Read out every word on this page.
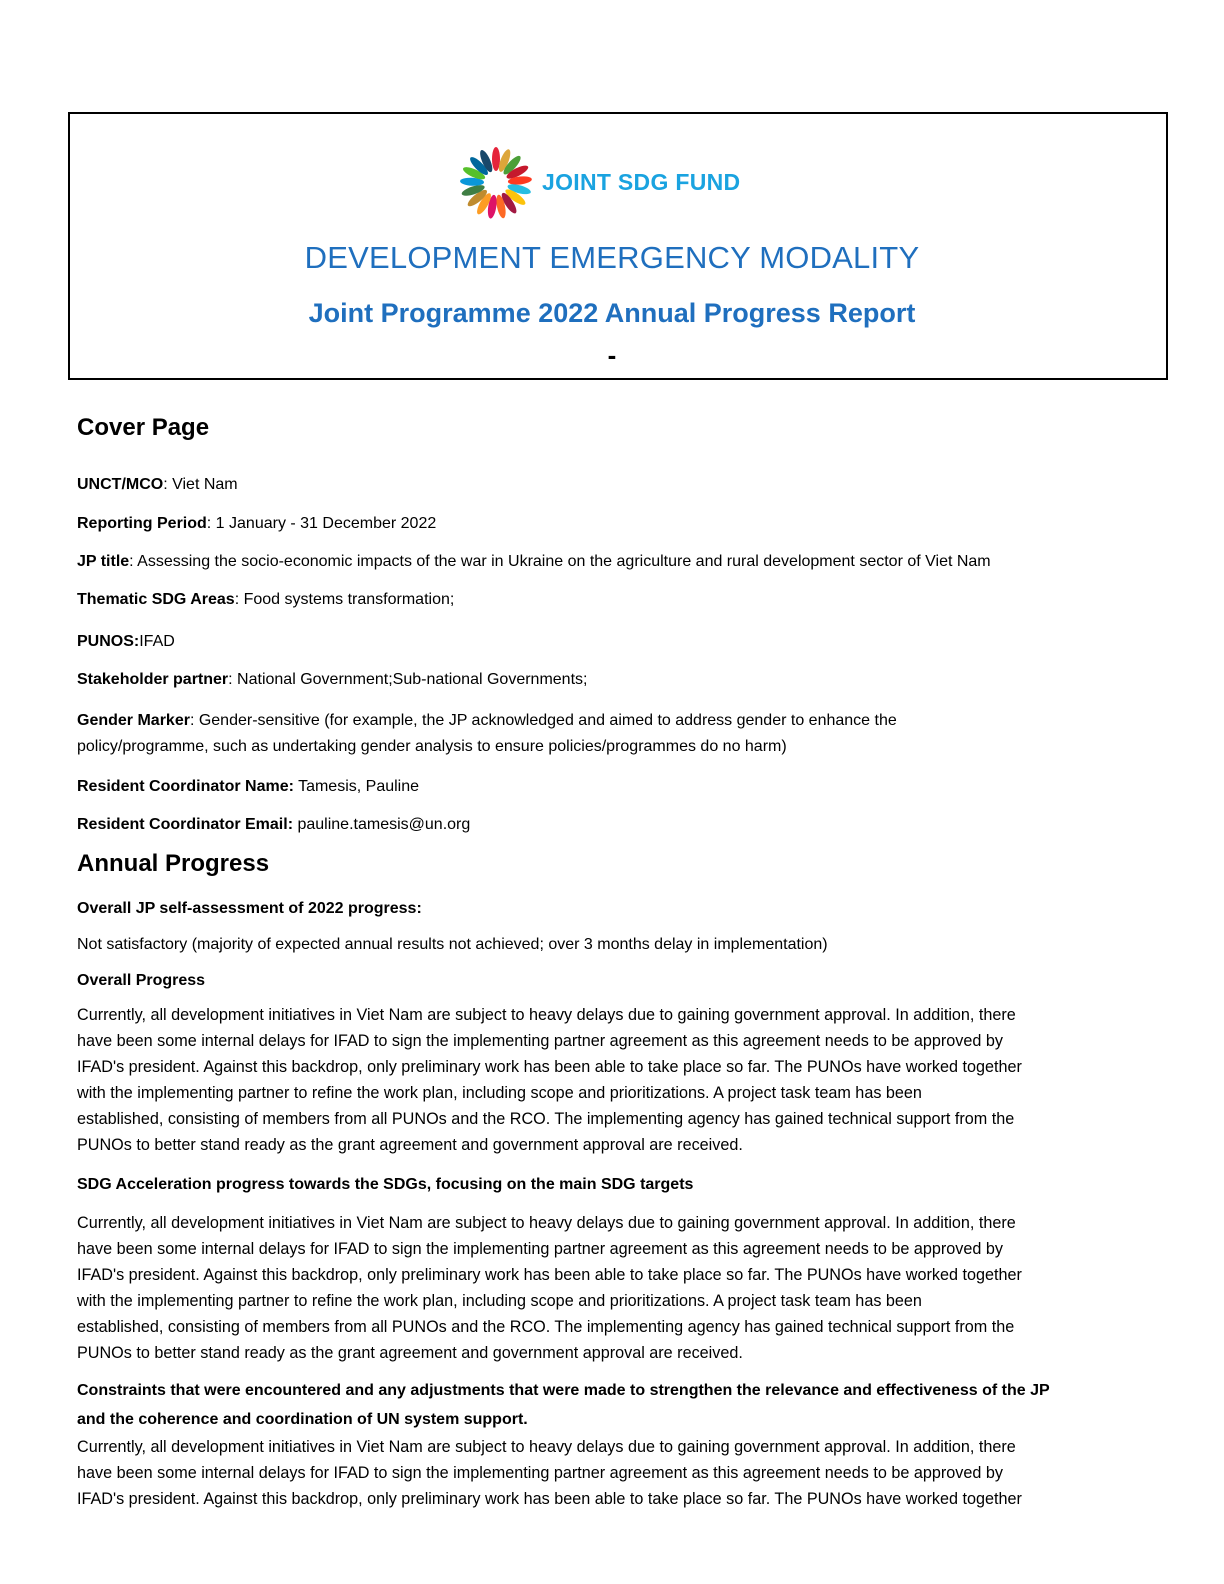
JOINT SDG FUND
DEVELOPMENT EMERGENCY MODALITY
Joint Programme 2022 Annual Progress Report
-
Cover Page

UNCT/MCO: Viet Nam

Reporting Period: 1 January - 31 December 2022

JP title: Assessing the socio-economic impacts of the war in Ukraine on the agriculture and rural development sector of Viet Nam

Thematic SDG Areas: Food systems transformation;

PUNOS:IFAD

Stakeholder partner: National Government;Sub-national Governments;

Gender Marker: Gender-sensitive (for example, the JP acknowledged and aimed to address gender to enhance the
policy/programme, such as undertaking gender analysis to ensure policies/programmes do no harm)

Resident Coordinator Name: Tamesis, Pauline

Resident Coordinator Email: pauline.tamesis@un.org

Annual Progress

Overall JP self-assessment of 2022 progress:

Not satisfactory (majority of expected annual results not achieved; over 3 months delay in implementation)

Overall Progress

Currently, all development initiatives in Viet Nam are subject to heavy delays due to gaining government approval. In addition, there

have been some internal delays for IFAD to sign the implementing partner agreement as this agreement needs to be approved by

IFAD's president. Against this backdrop, only preliminary work has been able to take place so far. The PUNOs have worked together

with the implementing partner to refine the work plan, including scope and prioritizations. A project task team has been

established, consisting of members from all PUNOs and the RCO. The implementing agency has gained technical support from the

PUNOs to better stand ready as the grant agreement and government approval are received.

SDG Acceleration progress towards the SDGs, focusing on the main SDG targets

Currently, all development initiatives in Viet Nam are subject to heavy delays due to gaining government approval. In addition, there

have been some internal delays for IFAD to sign the implementing partner agreement as this agreement needs to be approved by

IFAD's president. Against this backdrop, only preliminary work has been able to take place so far. The PUNOs have worked together

with the implementing partner to refine the work plan, including scope and prioritizations. A project task team has been

established, consisting of members from all PUNOs and the RCO. The implementing agency has gained technical support from the

PUNOs to better stand ready as the grant agreement and government approval are received.

Constraints that were encountered and any adjustments that were made to strengthen the relevance and effectiveness of the JP
and the coherence and coordination of UN system support.

Currently, all development initiatives in Viet Nam are subject to heavy delays due to gaining government approval. In addition, there

have been some internal delays for IFAD to sign the implementing partner agreement as this agreement needs to be approved by

IFAD's president. Against this backdrop, only preliminary work has been able to take place so far. The PUNOs have worked together
